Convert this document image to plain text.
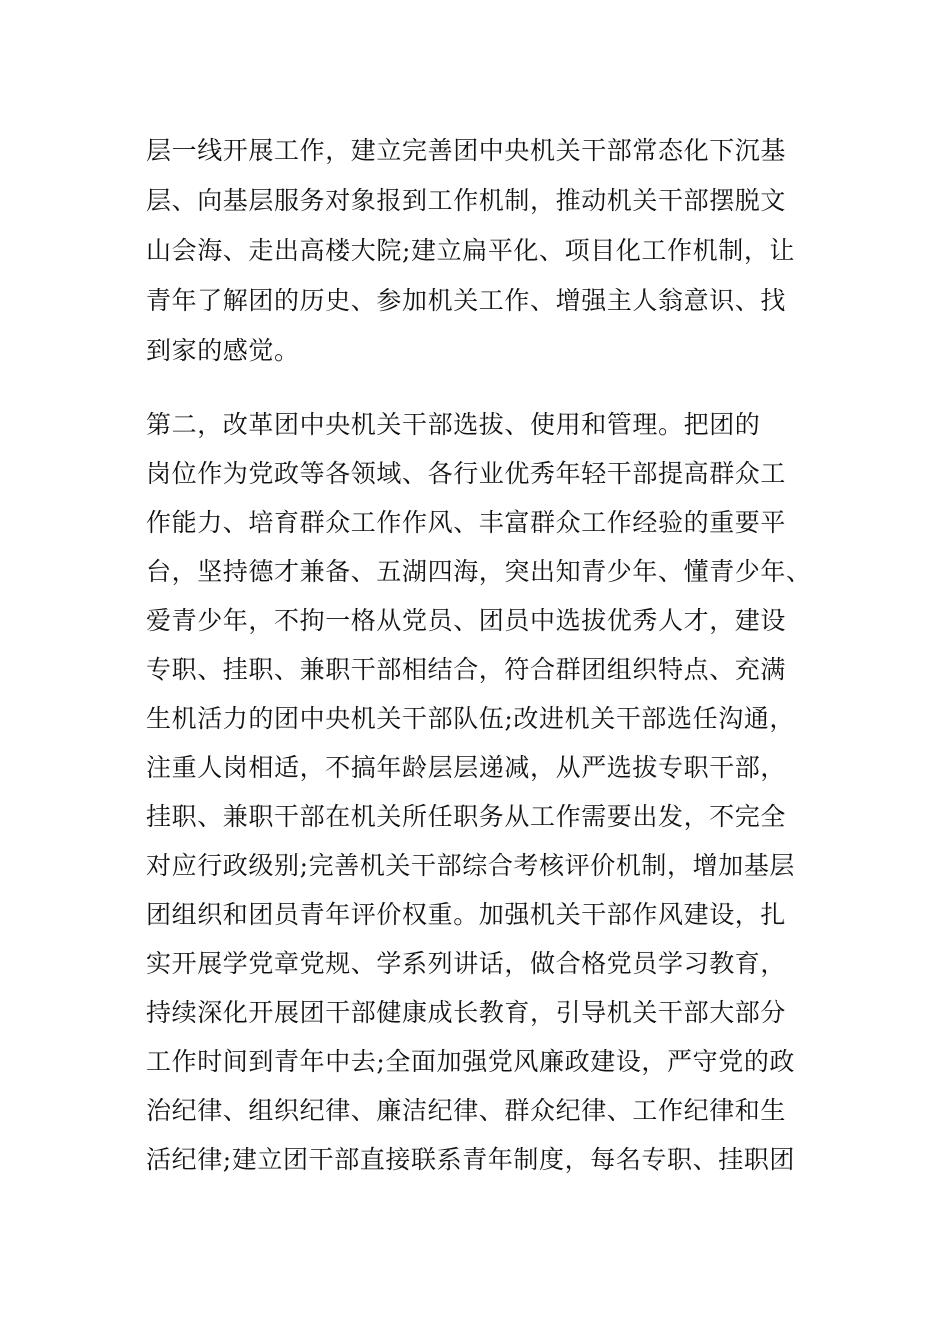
层一线开展工作，建立完善团中央机关干部常态化下沉基
层、向基层服务对象报到工作机制，推动机关干部摆脱文
山会海、走出高楼大院;建立扁平化、项目化工作机制，让
青年了解团的历史、参加机关工作、增强主人翁意识、找
到家的感觉。
第二，改革团中央机关干部选拔、使用和管理。把团的
岗位作为党政等各领域、各行业优秀年轻干部提高群众工
作能力、培育群众工作作风、丰富群众工作经验的重要平
台，坚持德才兼备、五湖四海，突出知青少年、懂青少年、
爱青少年，不拘一格从党员、团员中选拔优秀人才，建设
专职、挂职、兼职干部相结合，符合群团组织特点、充满
生机活力的团中央机关干部队伍;改进机关干部选任沟通，
注重人岗相适，不搞年龄层层递减，从严选拔专职干部，
挂职、兼职干部在机关所任职务从工作需要出发，不完全
对应行政级别;完善机关干部综合考核评价机制，增加基层
团组织和团员青年评价权重。加强机关干部作风建设，扎
实开展学党章党规、学系列讲话，做合格党员学习教育，
持续深化开展团干部健康成长教育，引导机关干部大部分
工作时间到青年中去;全面加强党风廉政建设，严守党的政
治纪律、组织纪律、廉洁纪律、群众纪律、工作纪律和生
活纪律;建立团干部直接联系青年制度，每名专职、挂职团
